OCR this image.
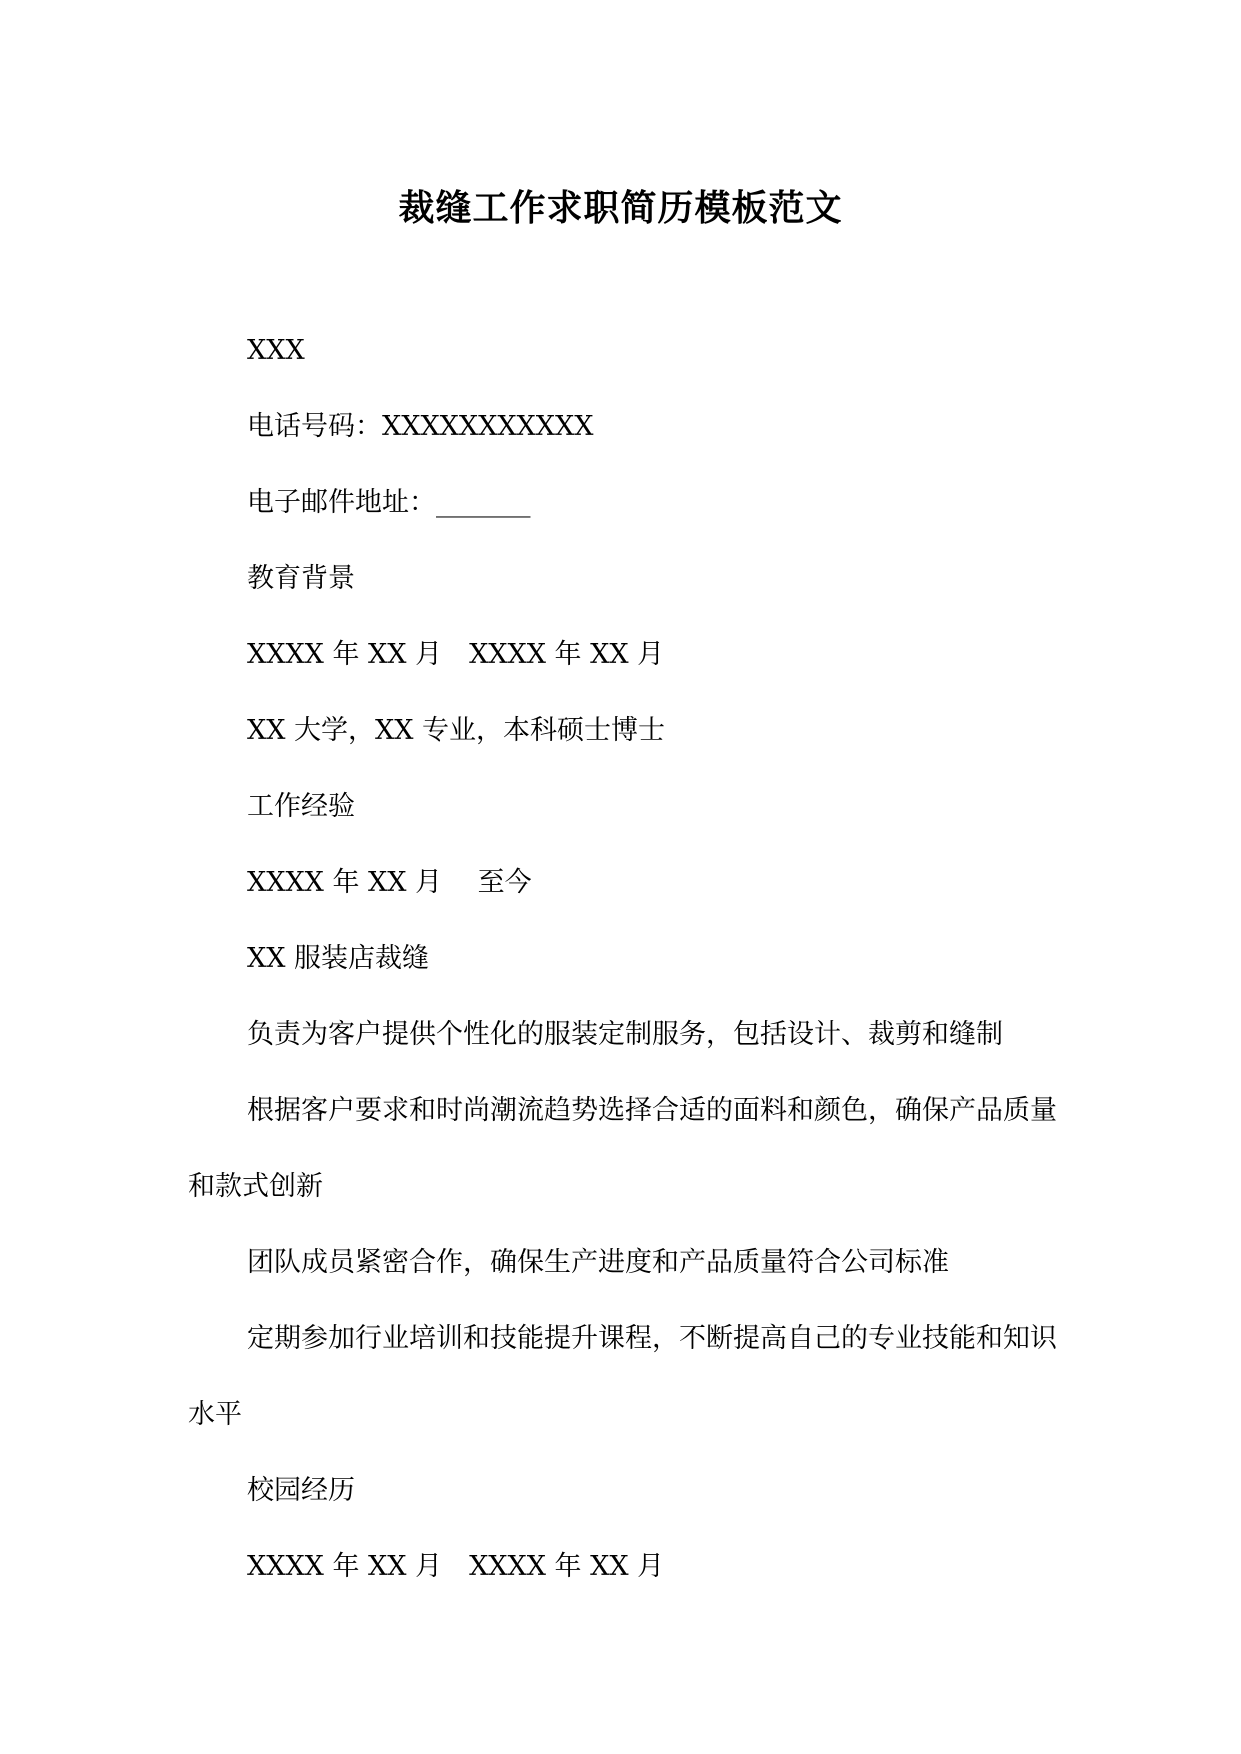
裁缝工作求职简历模板范文

XXX

电话号码：XXXXXXXXXXX

电子邮件地址：_______

教育背景

XXXX 年 XX 月　XXXX 年 XX 月

XX 大学，XX 专业，本科硕士博士

工作经验

XXXX 年 XX 月　 至今

XX 服装店裁缝

负责为客户提供个性化的服装定制服务，包括设计、裁剪和缝制

根据客户要求和时尚潮流趋势选择合适的面料和颜色，确保产品质量和款式创新

团队成员紧密合作，确保生产进度和产品质量符合公司标准

定期参加行业培训和技能提升课程，不断提高自己的专业技能和知识水平

校园经历

XXXX 年 XX 月　XXXX 年 XX 月
